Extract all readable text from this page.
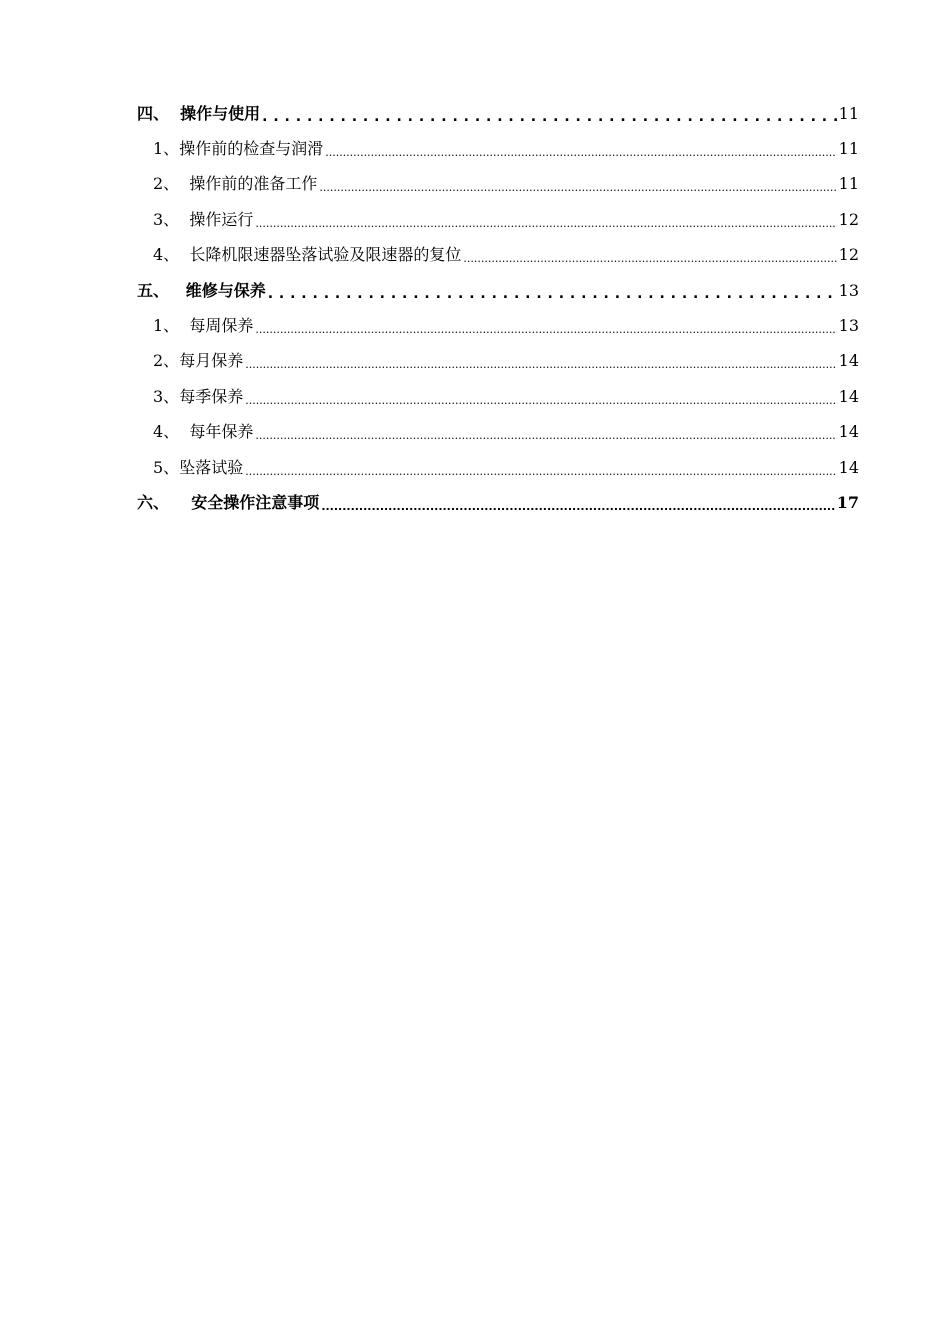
四、 操作与使用 . . .	11
1、 操作前的检查与润滑 .....	11
2、 操作前的准备工作 .....	11
3、 操作运行 .....	12
4、 长降机限速器坠落试验及限速器的复位 .....	12
五、 维修与保养 . . .	13
1、 每周保养 .....	13
2、 每月保养 .....	14
3、 每季保养 .....	14
4、 每年保养 .....	14
5、 坠落试验 .....	14
六、 安全操作注意事项 .....	17
